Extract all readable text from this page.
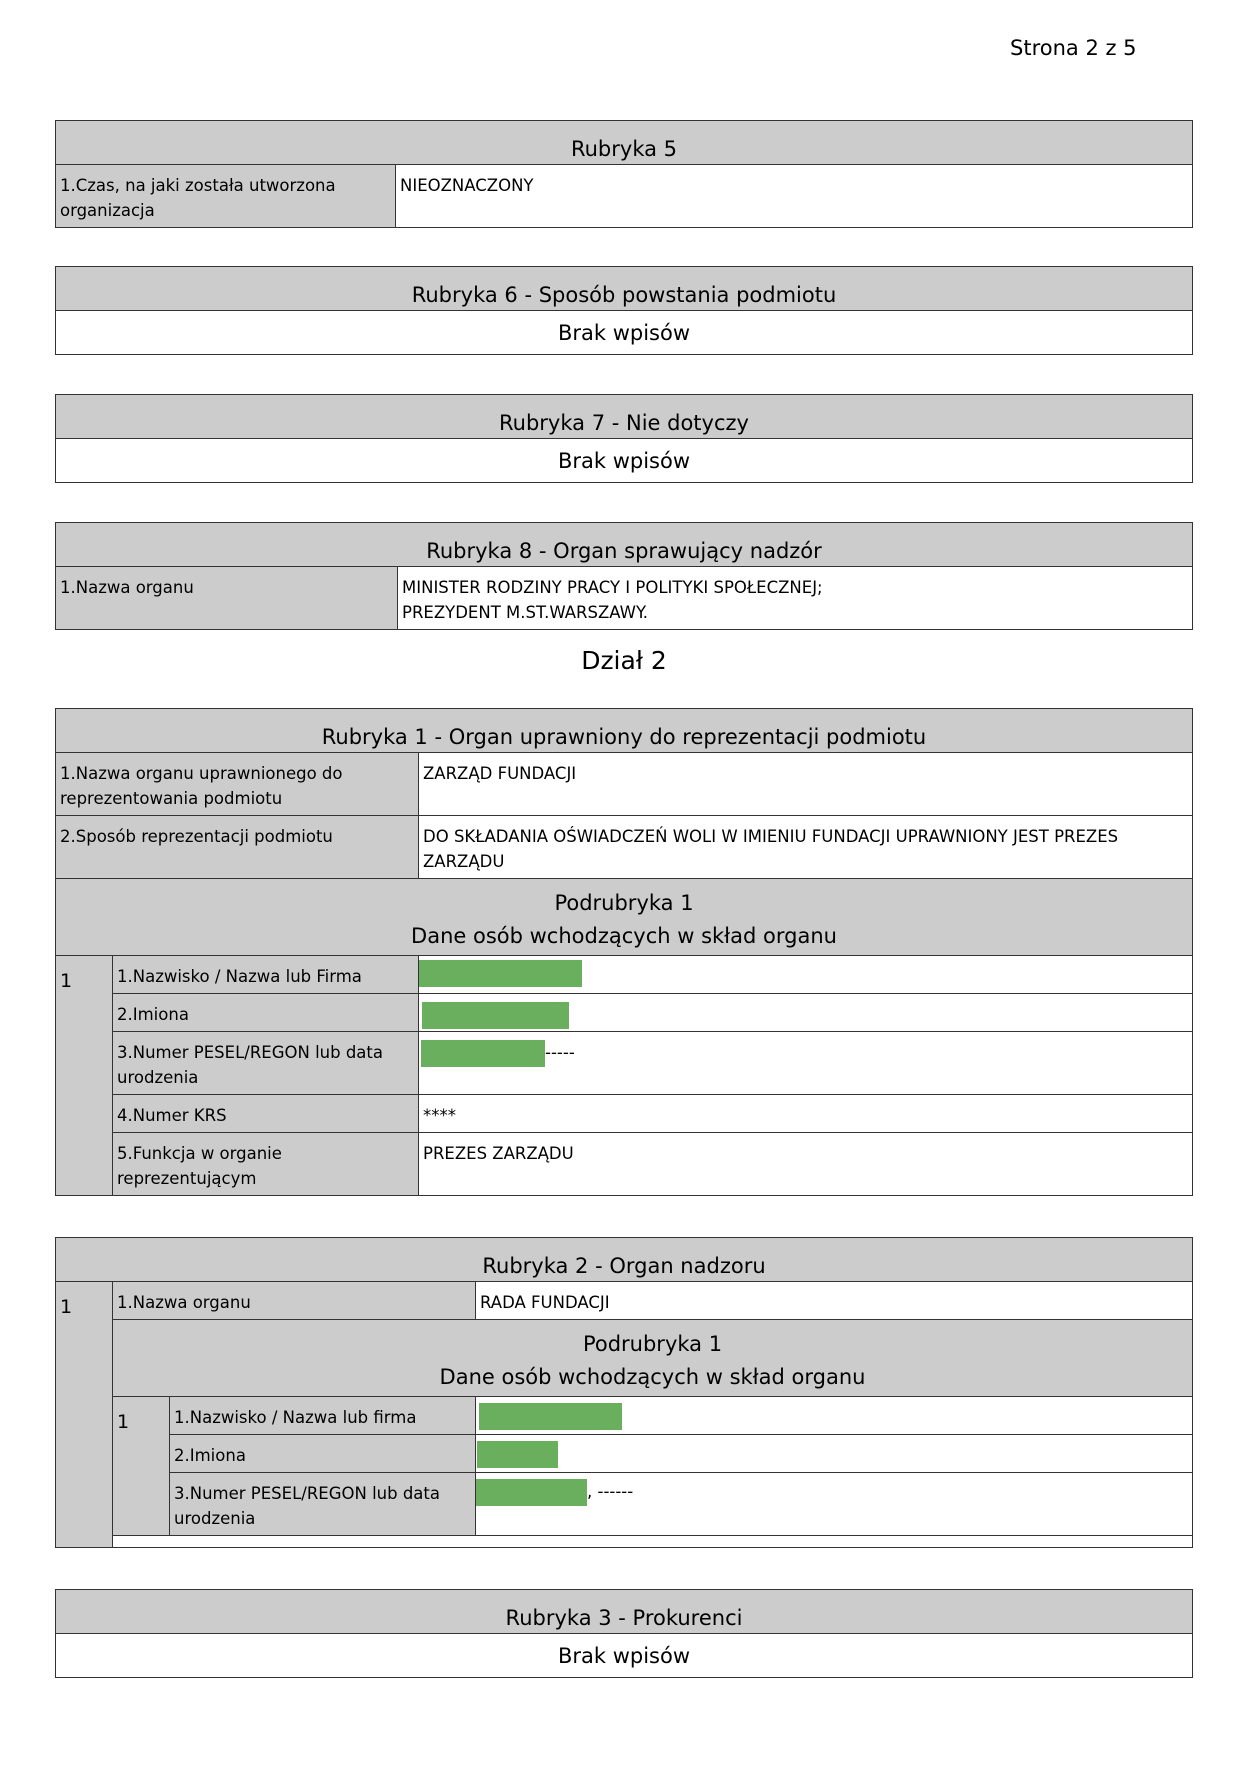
Strona 2 z 5
Rubryka 5
1.Czas, na jaki została utworzona organizacja	NIEOZNACZONY
Rubryka 6 - Sposób powstania podmiotu
Brak wpisów
Rubryka 7 - Nie dotyczy
Brak wpisów
Rubryka 8 - Organ sprawujący nadzór
1.Nazwa organu	MINISTER RODZINY PRACY I POLITYKI SPOŁECZNEJ;
PREZYDENT M.ST.WARSZAWY.
Dział 2
Rubryka 1 - Organ uprawniony do reprezentacji podmiotu		
1.Nazwa organu uprawnionego do reprezentowania podmiotu		ZARZĄD FUNDACJI
2.Sposób reprezentacji podmiotu		DO SKŁADANIA OŚWIADCZEŃ WOLI W IMIENIU FUNDACJI UPRAWNIONY JEST PREZES ZARZĄDU

Podrubryka 1
Dane osób wchodzących w skład organu		

1	1.Nazwisko / Nazwa lub Firma	
	2.Imiona	
	3.Numer PESEL/REGON lub data urodzenia	-----
	4.Numer KRS	****
	5.Funkcja w organie reprezentującym	PREZES ZARZĄDU
Rubryka 2 - Organ nadzoru			
1	1.Nazwa organu		RADA FUNDACJI

	Podrubryka 1
Dane osób wchodzących w skład organu		

	1	1.Nazwisko / Nazwa lub firma	
		2.Imiona	
		3.Numer PESEL/REGON lub data urodzenia	, ------

Rubryka 3 - Prokurenci
Brak wpisów
